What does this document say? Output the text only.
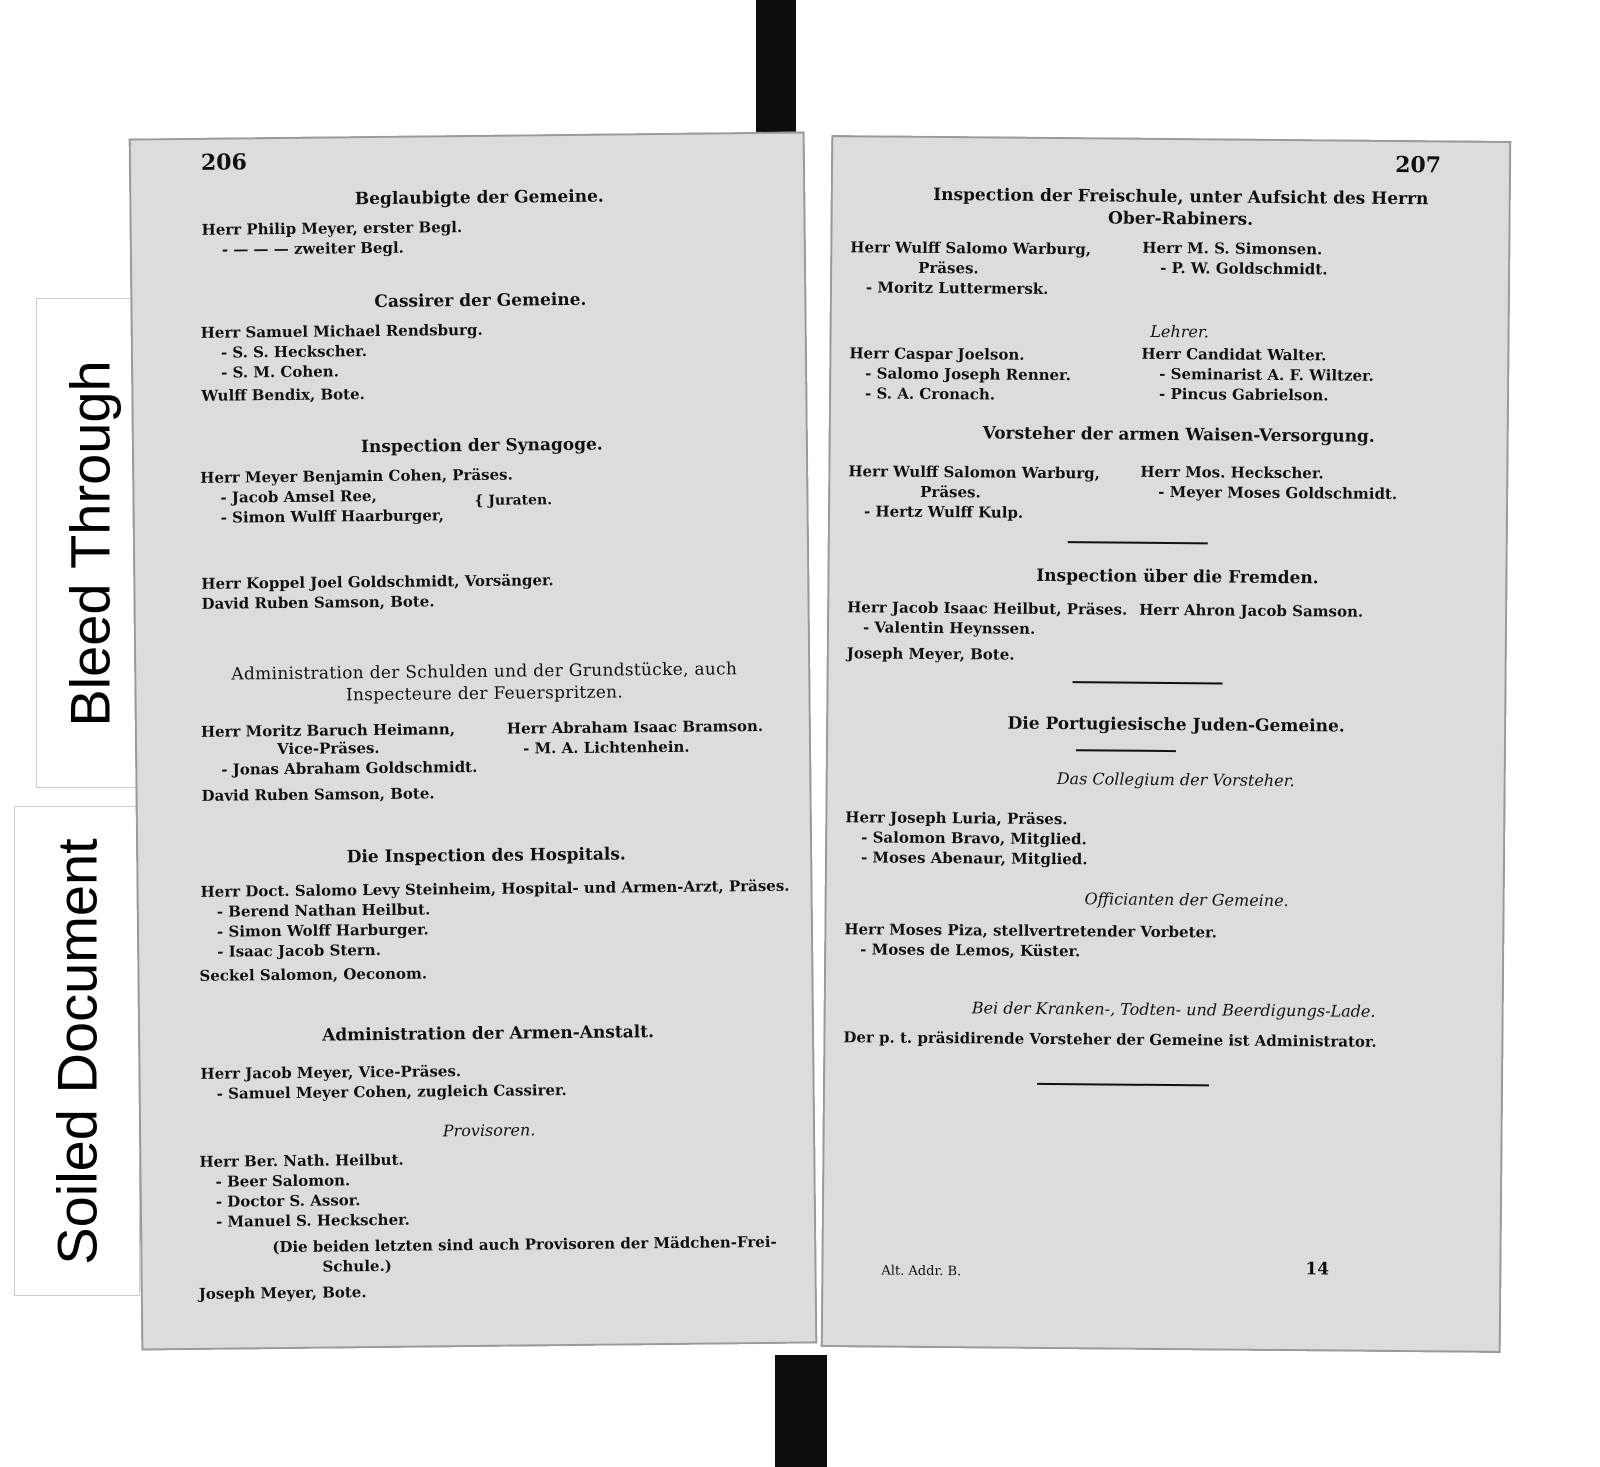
Bleed Through
Soiled Document
206
Beglaubigte der Gemeine.
Herr Philip Meyer, erster Begl.
- — — — zweiter Begl.
Cassirer der Gemeine.
Herr Samuel Michael Rendsburg.
- S. S. Heckscher.
- S. M. Cohen.
Wulff Bendix, Bote.
Inspection der Synagoge.
Herr Meyer Benjamin Cohen, Präses.
- Jacob Amsel Ree,
- Simon Wulff Haarburger,
{ Juraten.
Herr Koppel Joel Goldschmidt, Vorsänger.
David Ruben Samson, Bote.
Administration der Schulden und der Grundstücke, auch
Inspecteure der Feuerspritzen.
Herr Moritz Baruch Heimann,
Vice-Präses.
- Jonas Abraham Goldschmidt.
Herr Abraham Isaac Bramson.
- M. A. Lichtenhein.
David Ruben Samson, Bote.
Die Inspection des Hospitals.
Herr Doct. Salomo Levy Steinheim, Hospital- und Armen-Arzt, Präses.
- Berend Nathan Heilbut.
- Simon Wolff Harburger.
- Isaac Jacob Stern.
Seckel Salomon, Oeconom.
Administration der Armen-Anstalt.
Herr Jacob Meyer, Vice-Präses.
- Samuel Meyer Cohen, zugleich Cassirer.
Provisoren.
Herr Ber. Nath. Heilbut.
- Beer Salomon.
- Doctor S. Assor.
- Manuel S. Heckscher.
(Die beiden letzten sind auch Provisoren der Mädchen-Frei-
Schule.)
Joseph Meyer, Bote.
207
Inspection der Freischule, unter Aufsicht des Herrn
Ober-Rabiners.
Herr Wulff Salomo Warburg,
Präses.
- Moritz Luttermersk.
Herr M. S. Simonsen.
- P. W. Goldschmidt.
Lehrer.
Herr Caspar Joelson.
- Salomo Joseph Renner.
- S. A. Cronach.
Herr Candidat Walter.
- Seminarist A. F. Wiltzer.
- Pincus Gabrielson.
Vorsteher der armen Waisen-Versorgung.
Herr Wulff Salomon Warburg,
Präses.
- Hertz Wulff Kulp.
Herr Mos. Heckscher.
- Meyer Moses Goldschmidt.
Inspection über die Fremden.
Herr Jacob Isaac Heilbut, Präses. Herr Ahron Jacob Samson.
- Valentin Heynssen.
Joseph Meyer, Bote.
Die Portugiesische Juden-Gemeine.
Das Collegium der Vorsteher.
Herr Joseph Luria, Präses.
- Salomon Bravo, Mitglied.
- Moses Abenaur, Mitglied.
Officianten der Gemeine.
Herr Moses Piza, stellvertretender Vorbeter.
- Moses de Lemos, Küster.
Bei der Kranken-, Todten- und Beerdigungs-Lade.
Der p. t. präsidirende Vorsteher der Gemeine ist Administrator.
Alt. Addr. B.	14
